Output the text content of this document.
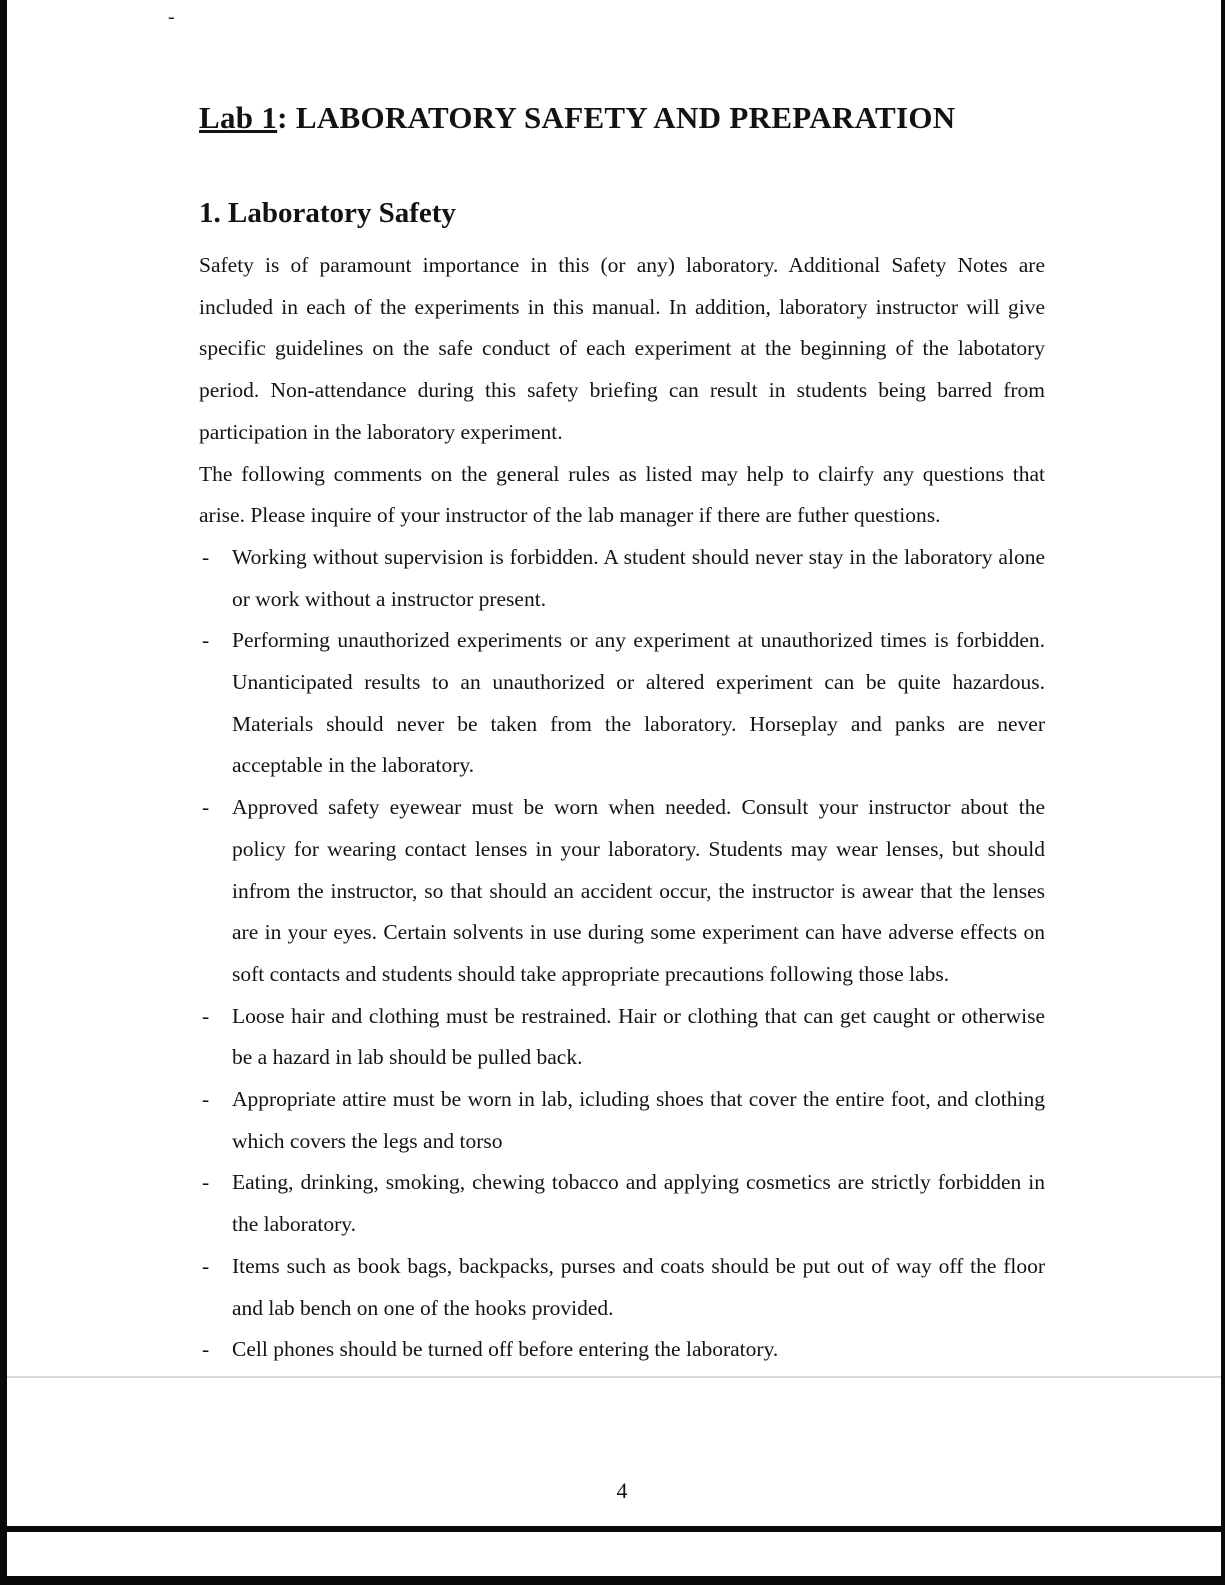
-
Lab 1: LABORATORY SAFETY AND PREPARATION
1. Laboratory Safety

Safety is of paramount importance in this (or any) laboratory. Additional Safety Notes are included in each of the experiments in this manual. In addition, laboratory instructor will give specific guidelines on the safe conduct of each experiment at the beginning of the labotatory period. Non-attendance during this safety briefing can result in students being barred from participation in the laboratory experiment.

The following comments on the general rules as listed may help to clairfy any questions that arise. Please inquire of your instructor of the lab manager if there are futher questions.

- Working without supervision is forbidden. A student should never stay in the laboratory alone or work without a instructor present.
- Performing unauthorized experiments or any experiment at unauthorized times is forbidden. Unanticipated results to an unauthorized or altered experiment can be quite hazardous. Materials should never be taken from the laboratory. Horseplay and panks are never acceptable in the laboratory.
- Approved safety eyewear must be worn when needed. Consult your instructor about the policy for wearing contact lenses in your laboratory. Students may wear lenses, but should infrom the instructor, so that should an accident occur, the instructor is awear that the lenses are in your eyes. Certain solvents in use during some experiment can have adverse effects on soft contacts and students should take appropriate precautions following those labs.
- Loose hair and clothing must be restrained. Hair or clothing that can get caught or otherwise be a hazard in lab should be pulled back.
- Appropriate attire must be worn in lab, icluding shoes that cover the entire foot, and clothing which covers the legs and torso
- Eating, drinking, smoking, chewing tobacco and applying cosmetics are strictly forbidden in the laboratory.
- Items such as book bags, backpacks, purses and coats should be put out of way off the floor and lab bench on one of the hooks provided.
- Cell phones should be turned off before entering the laboratory.
4
